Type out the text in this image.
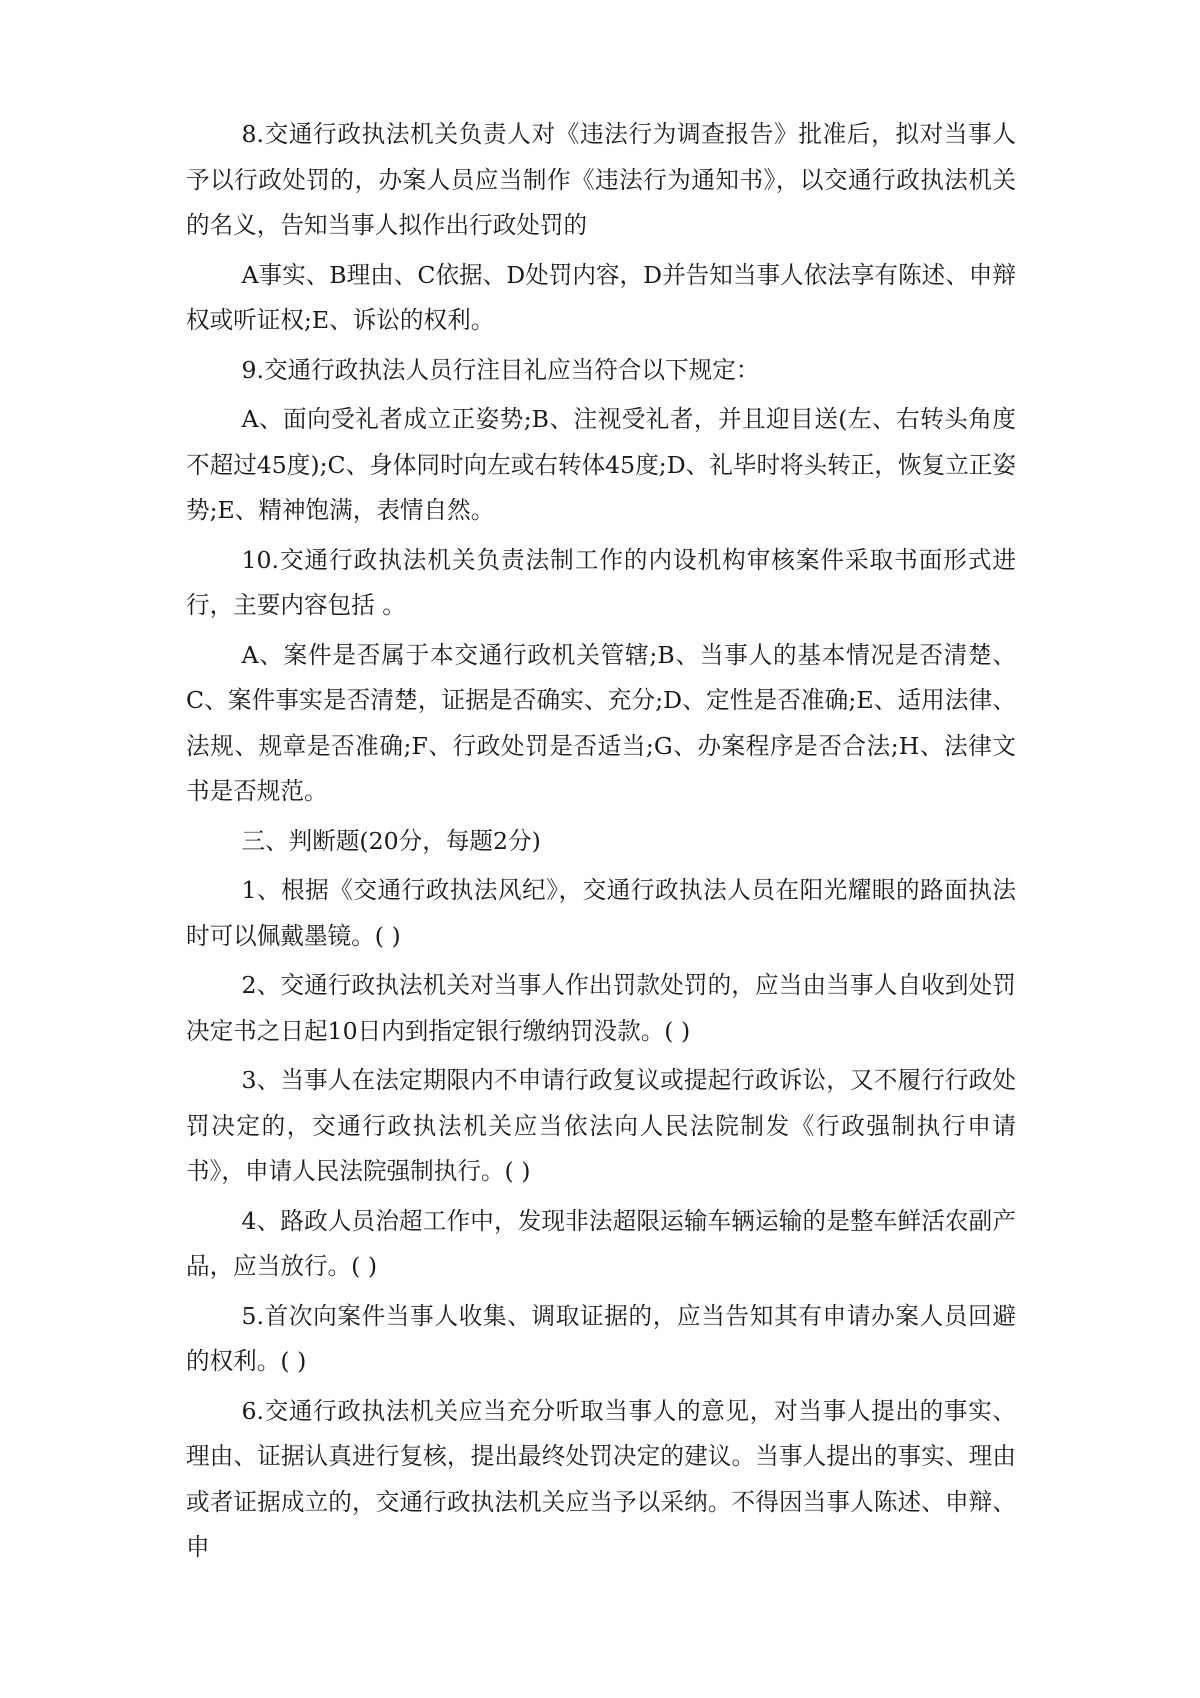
8.交通行政执法机关负责人对《违法行为调查报告》批准后，拟对当事人予以行政处罚的，办案人员应当制作《违法行为通知书》，以交通行政执法机关的名义，告知当事人拟作出行政处罚的

A事实、B理由、C依据、D处罚内容，D并告知当事人依法享有陈述、申辩权或听证权;E、诉讼的权利。

9.交通行政执法人员行注目礼应当符合以下规定：

A、面向受礼者成立正姿势;B、注视受礼者，并且迎目送(左、右转头角度不超过45度);C、身体同时向左或右转体45度;D、礼毕时将头转正，恢复立正姿势;E、精神饱满，表情自然。

10.交通行政执法机关负责法制工作的内设机构审核案件采取书面形式进行，主要内容包括 。

A、案件是否属于本交通行政机关管辖;B、当事人的基本情况是否清楚、C、案件事实是否清楚，证据是否确实、充分;D、定性是否准确;E、适用法律、法规、规章是否准确;F、行政处罚是否适当;G、办案程序是否合法;H、法律文书是否规范。

三、判断题(20分，每题2分)

1、根据《交通行政执法风纪》，交通行政执法人员在阳光耀眼的路面执法时可以佩戴墨镜。( )

2、交通行政执法机关对当事人作出罚款处罚的，应当由当事人自收到处罚决定书之日起10日内到指定银行缴纳罚没款。( )

3、当事人在法定期限内不申请行政复议或提起行政诉讼，又不履行行政处罚决定的，交通行政执法机关应当依法向人民法院制发《行政强制执行申请书》，申请人民法院强制执行。( )

4、路政人员治超工作中，发现非法超限运输车辆运输的是整车鲜活农副产品，应当放行。( )

5.首次向案件当事人收集、调取证据的，应当告知其有申请办案人员回避的权利。( )

6.交通行政执法机关应当充分听取当事人的意见，对当事人提出的事实、理由、证据认真进行复核，提出最终处罚决定的建议。当事人提出的事实、理由或者证据成立的，交通行政执法机关应当予以采纳。不得因当事人陈述、申辩、申
